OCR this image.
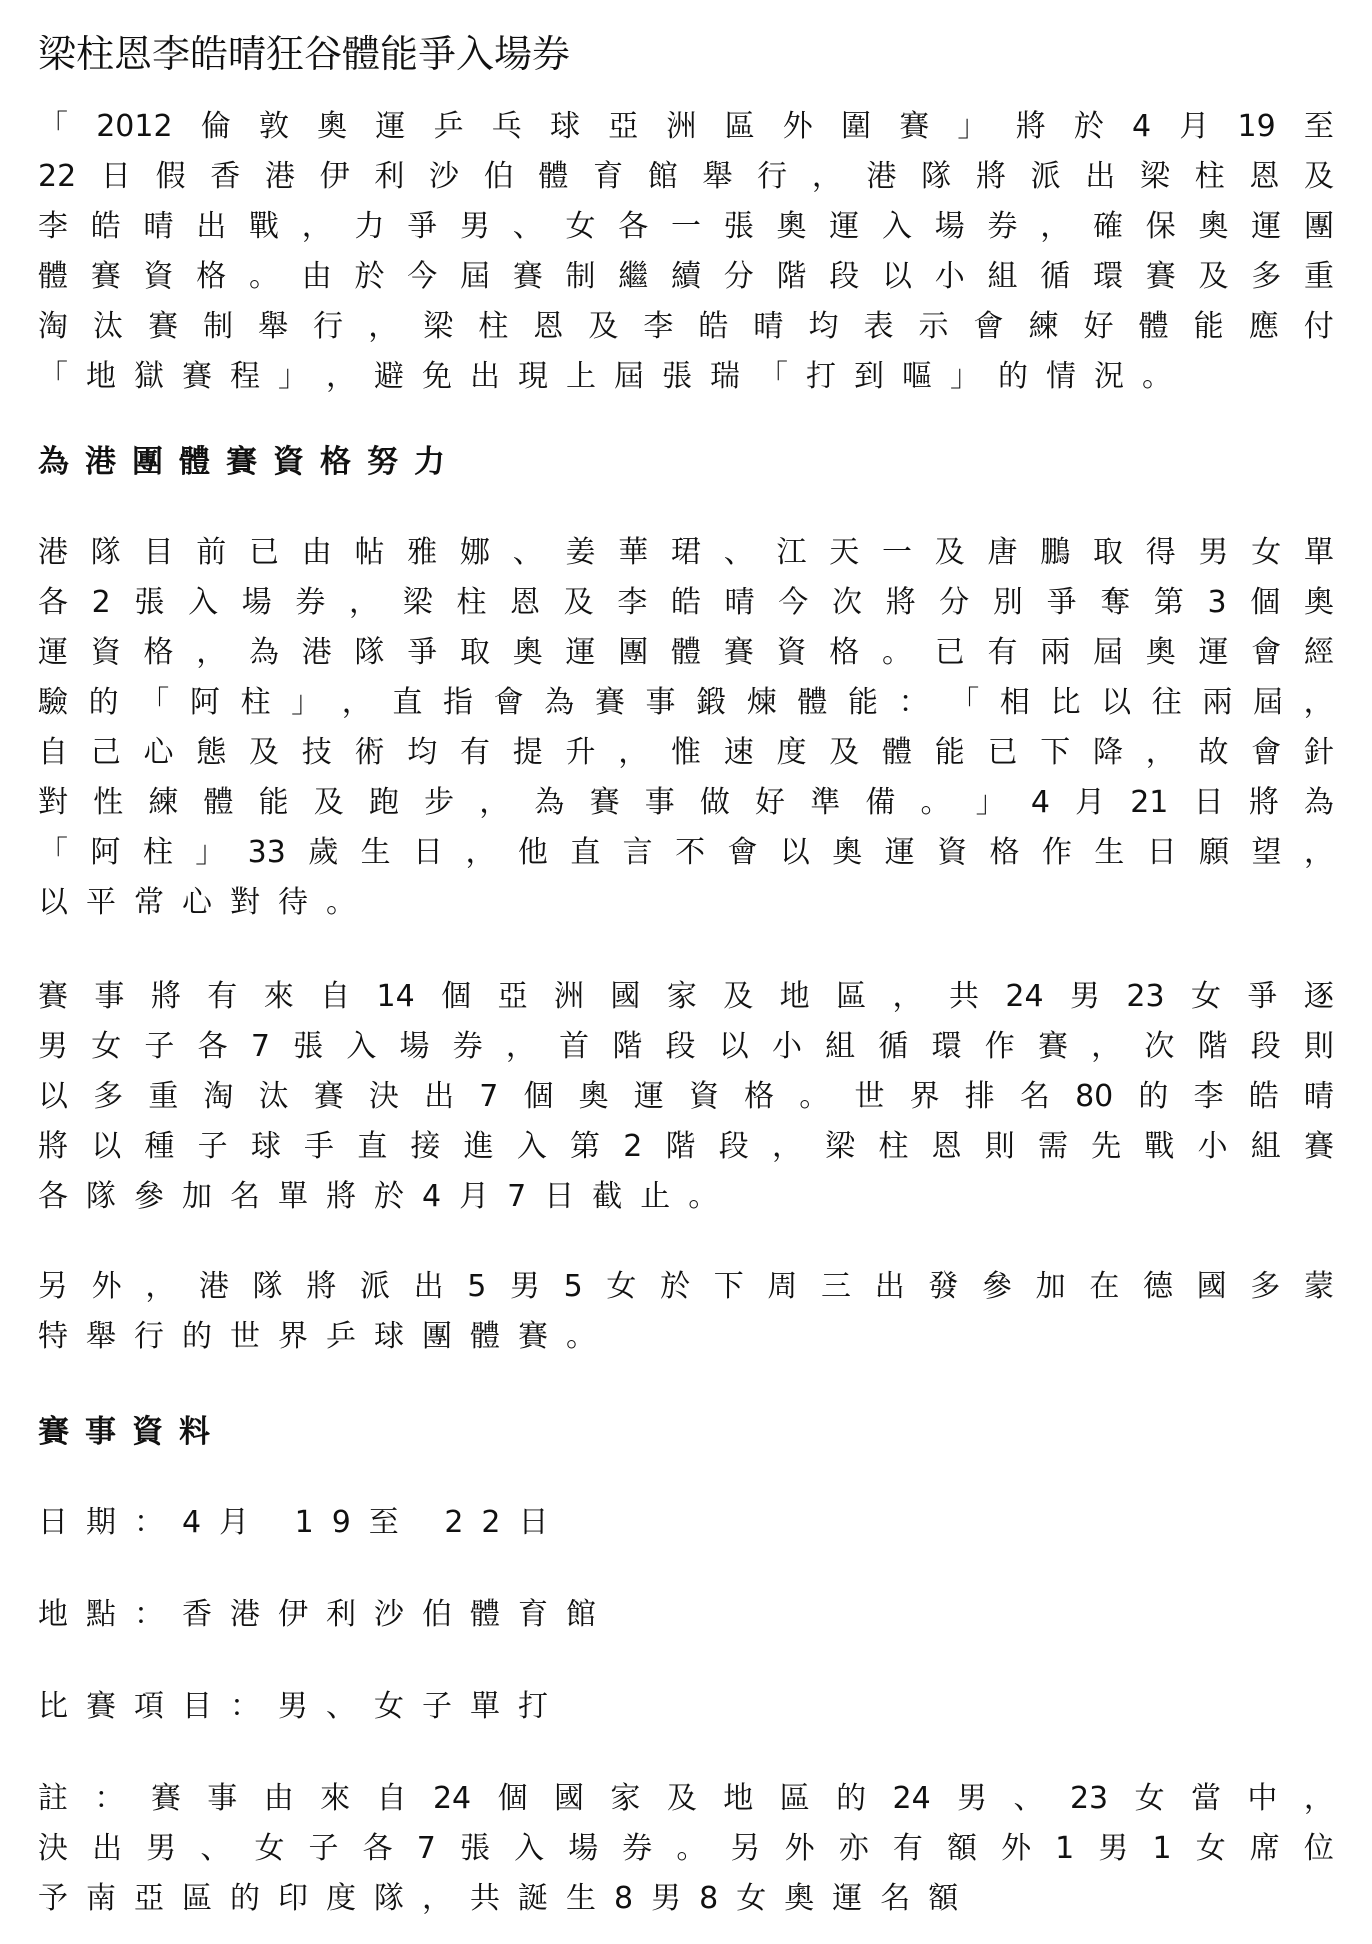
梁柱恩李皓晴狂谷體能爭入場券
「 2012 倫 敦 奧 運 乒 乓 球 亞 洲 區 外 圍 賽 」 將 於 4 月 19 至
22 日 假 香 港 伊 利 沙 伯 體 育 館 舉 行 ， 港 隊 將 派 出 梁 柱 恩 及
李 皓 晴 出 戰 ， 力 爭 男 、 女 各 一 張 奧 運 入 場 券 ， 確 保 奧 運 團
體 賽 資 格 。 由 於 今 屆 賽 制 繼 續 分 階 段 以 小 組 循 環 賽 及 多 重
淘 汰 賽 制 舉 行 ， 梁 柱 恩 及 李 皓 晴 均 表 示 會 練 好 體 能 應 付
「 地 獄 賽 程 」 ， 避 免 出 現 上 屆 張 瑞 「 打 到 嘔 」 的 情 況 。
為港團體賽資格努力
港 隊 目 前 已 由 帖 雅 娜 、 姜 華 珺 、 江 天 一 及 唐 鵬 取 得 男 女 單
各 2 張 入 場 券 ， 梁 柱 恩 及 李 皓 晴 今 次 將 分 別 爭 奪 第 3 個 奧
運 資 格 ， 為 港 隊 爭 取 奧 運 團 體 賽 資 格 。 已 有 兩 屆 奧 運 會 經
驗 的 「 阿 柱 」 ， 直 指 會 為 賽 事 鍛 煉 體 能 ： 「 相 比 以 往 兩 屆 ，
自 己 心 態 及 技 術 均 有 提 升 ， 惟 速 度 及 體 能 已 下 降 ， 故 會 針
對 性 練 體 能 及 跑 步 ， 為 賽 事 做 好 準 備 。 」 4 月 21 日 將 為
「 阿 柱 」 33 歲 生 日 ， 他 直 言 不 會 以 奧 運 資 格 作 生 日 願 望 ，
以 平 常 心 對 待 。
賽 事 將 有 來 自 14 個 亞 洲 國 家 及 地 區 ， 共 24 男 23 女 爭 逐
男 女 子 各 7 張 入 場 券 ， 首 階 段 以 小 組 循 環 作 賽 ， 次 階 段 則
以 多 重 淘 汰 賽 決 出 7 個 奧 運 資 格 。 世 界 排 名 80 的 李 皓 晴
將 以 種 子 球 手 直 接 進 入 第 2 階 段 ， 梁 柱 恩 則 需 先 戰 小 組 賽
各 隊 參 加 名 單 將 於 4 月 7 日 截 止 。
另 外 ， 港 隊 將 派 出 5 男 5 女 於 下 周 三 出 發 參 加 在 德 國 多 蒙
特 舉 行 的 世 界 乒 球 團 體 賽 。
賽事資料

日期：4月 19至 22日

地點：香港伊利沙伯體育館

比賽項目：男、女子單打

註 ： 賽 事 由 來 自 24 個 國 家 及 地 區 的 24 男 、 23 女 當 中 ，
決 出 男 、 女 子 各 7 張 入 場 券 。 另 外 亦 有 額 外 1 男 1 女 席 位
予 南 亞 區 的 印 度 隊 ， 共 誕 生 8 男 8 女 奧 運 名 額
